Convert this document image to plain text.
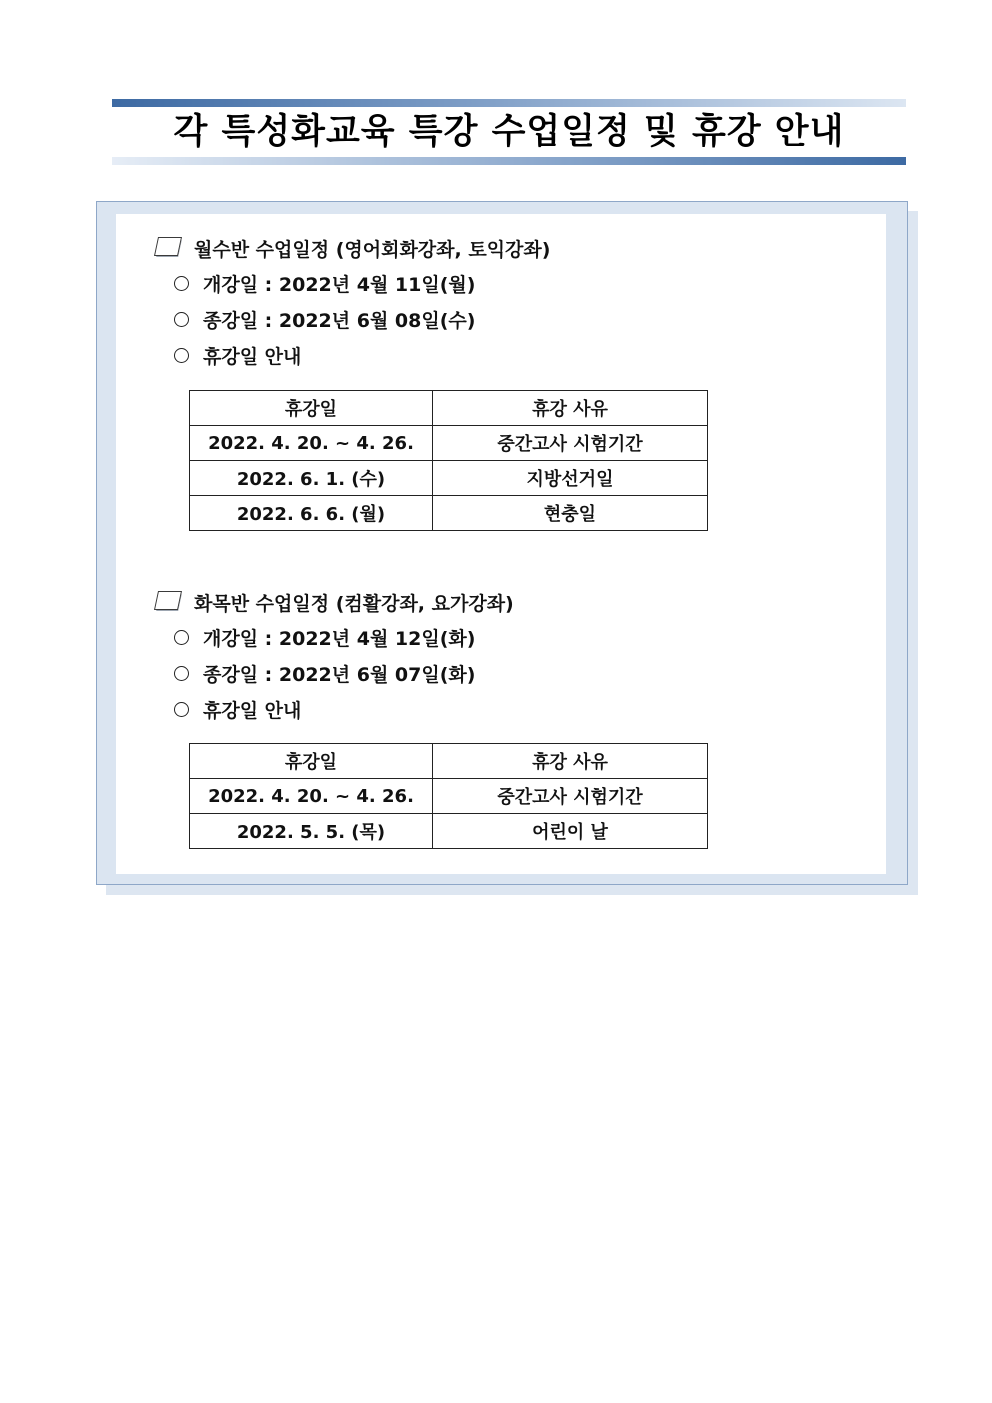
각 특성화교육 특강 수업일정 및 휴강 안내
월수반 수업일정 (영어회화강좌, 토익강좌)
개강일 : 2022년 4월 11일(월)
종강일 : 2022년 6월 08일(수)
휴강일 안내
휴강일	휴강 사유
2022. 4. 20. ~ 4. 26.	중간고사 시험기간
2022. 6. 1. (수)	지방선거일
2022. 6. 6. (월)	현충일
화목반 수업일정 (컴활강좌, 요가강좌)
개강일 : 2022년 4월 12일(화)
종강일 : 2022년 6월 07일(화)
휴강일 안내
휴강일	휴강 사유
2022. 4. 20. ~ 4. 26.	중간고사 시험기간
2022. 5. 5. (목)	어린이 날
